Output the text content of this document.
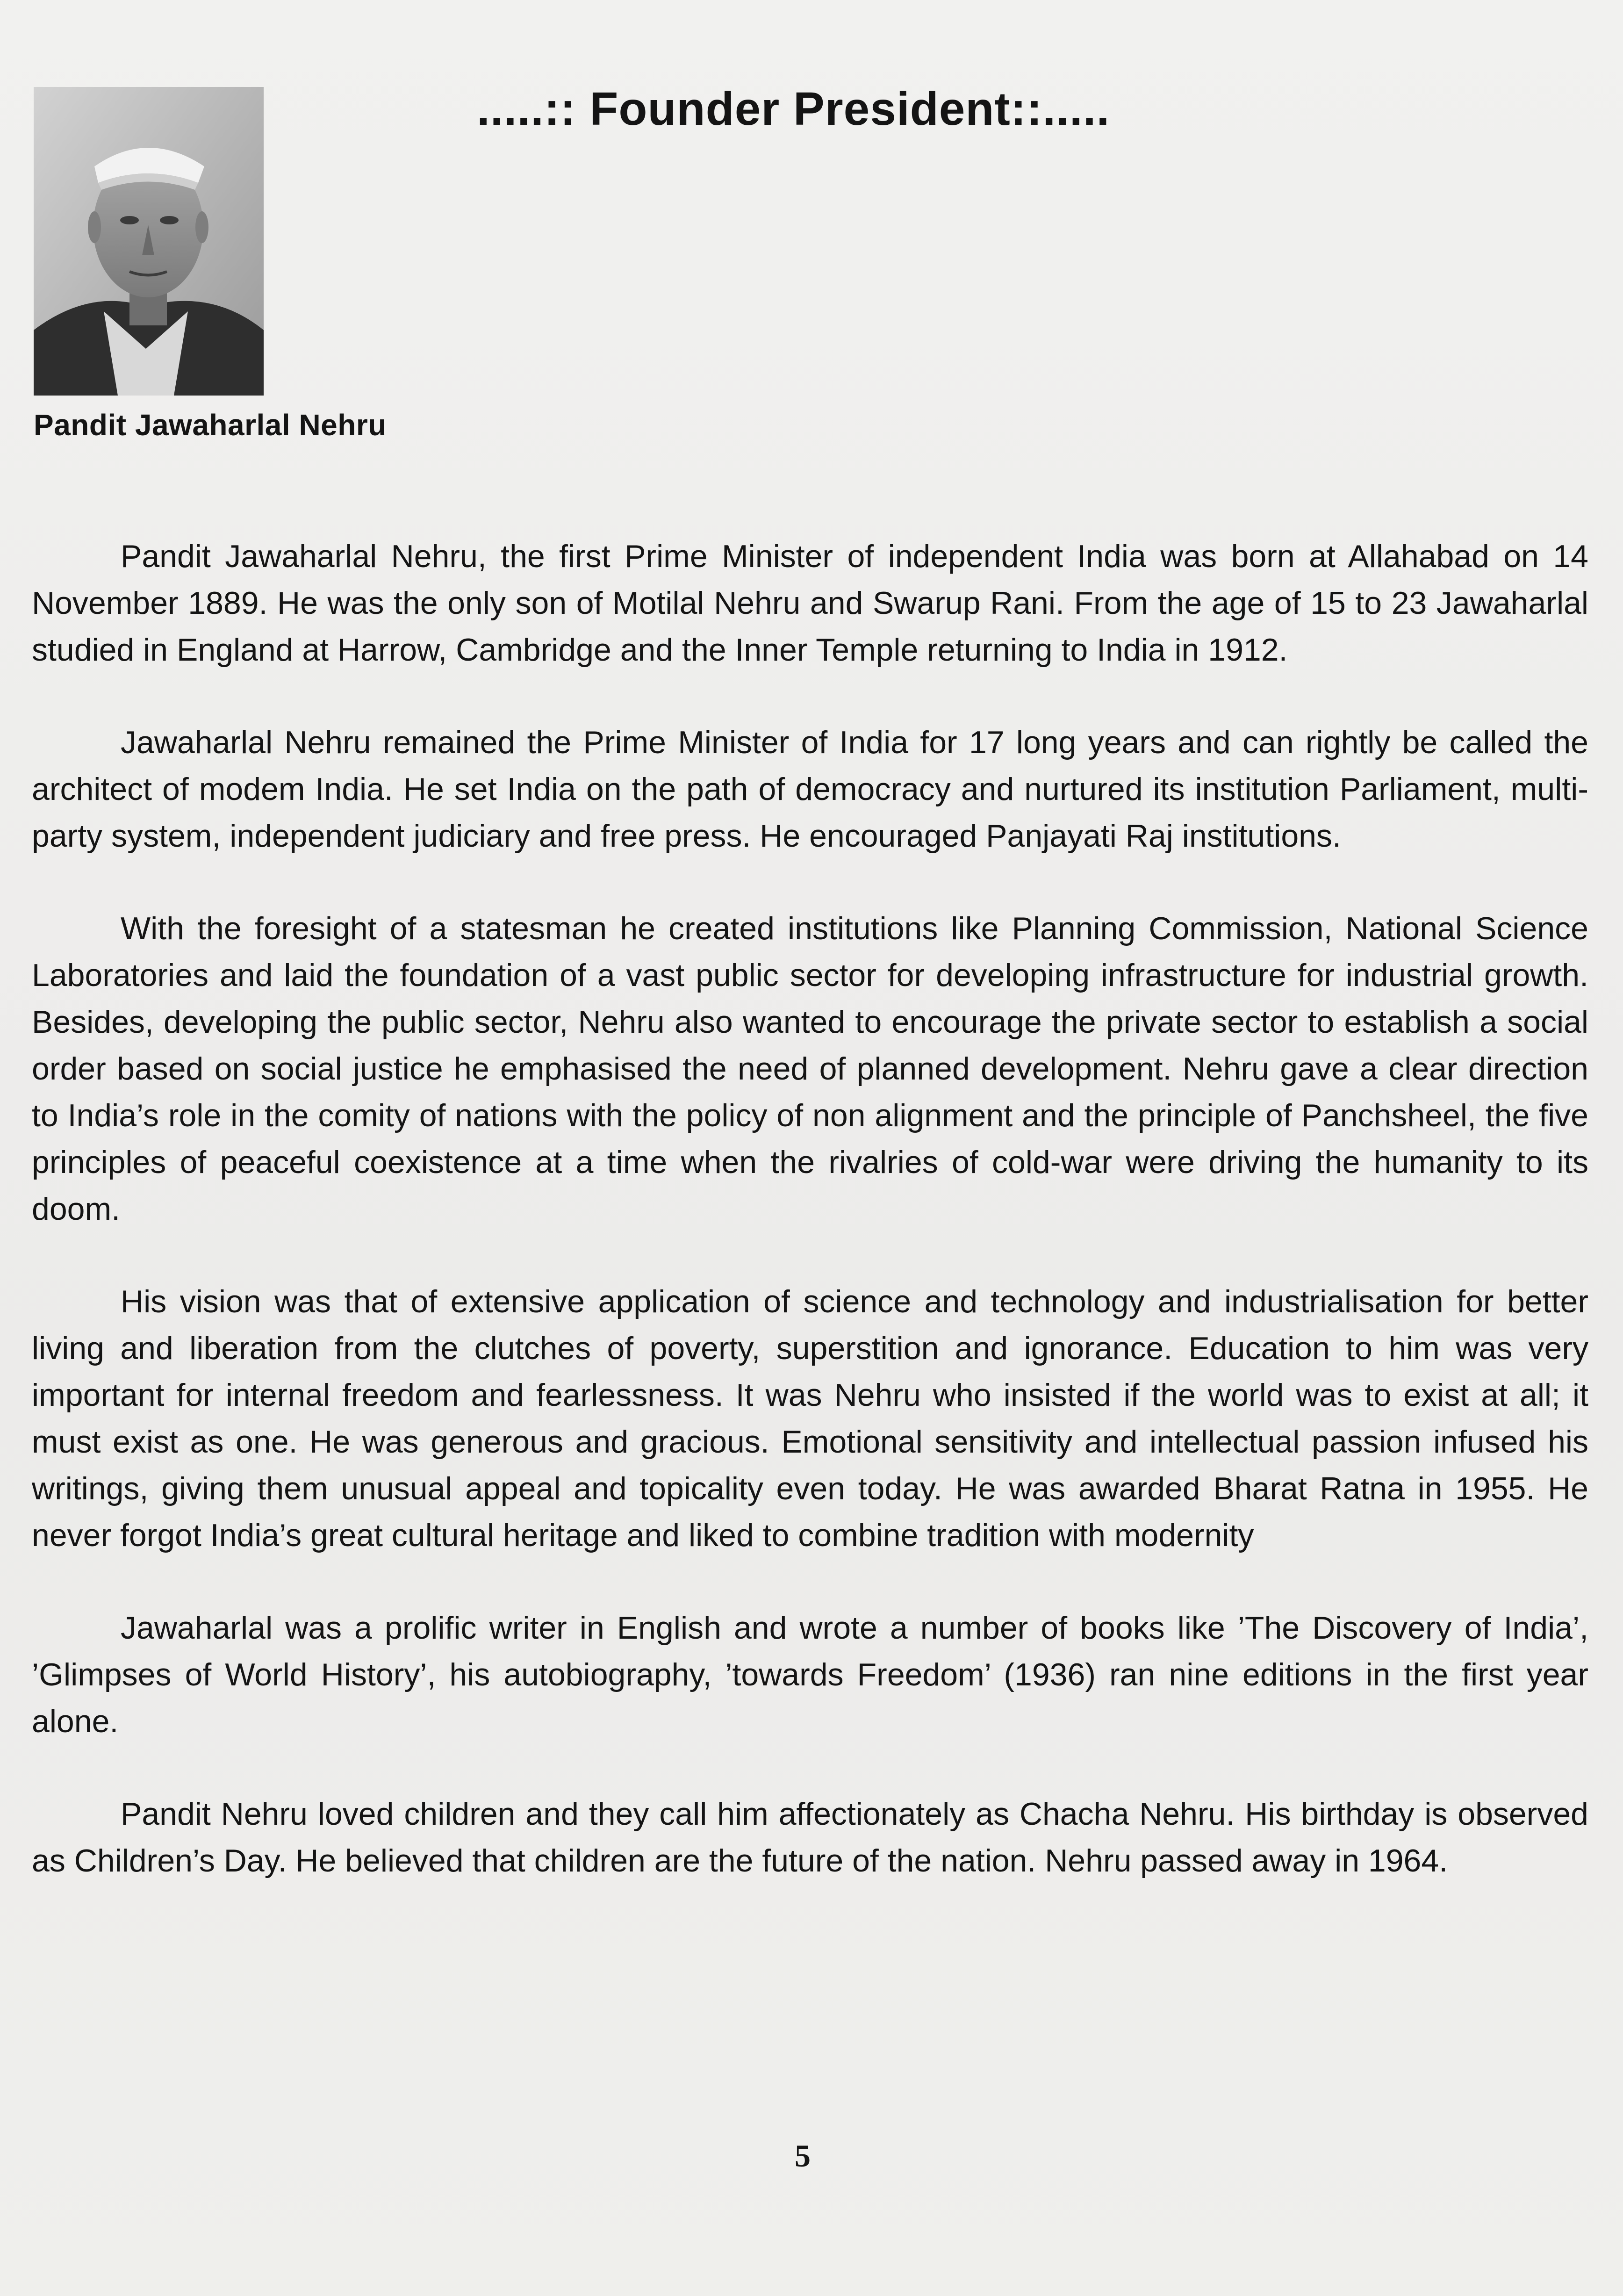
Pandit Jawaharlal Nehru
.....:: Founder President::.....

Pandit Jawaharlal Nehru, the first Prime Minister of independent India was born at Allahabad on 14 November 1889. He was the only son of Motilal Nehru and Swarup Rani. From the age of 15 to 23 Jawaharlal studied in England at Harrow, Cambridge and the Inner Temple returning to India in 1912.

Jawaharlal Nehru remained the Prime Minister of India for 17 long years and can rightly be called the architect of modem India. He set India on the path of democracy and nurtured its institution Parliament, multi-party system, independent judiciary and free press. He encouraged Panjayati Raj institutions.

With the foresight of a statesman he created institutions like Planning Commission, National Science Laboratories and laid the foundation of a vast public sector for developing infrastructure for industrial growth. Besides, developing the public sector, Nehru also wanted to encourage the private sector to establish a social order based on social justice he emphasised the need of planned development. Nehru gave a clear direction to India’s role in the comity of nations with the policy of non alignment and the principle of Panchsheel, the five principles of peaceful coexistence at a time when the rivalries of cold-war were driving the humanity to its doom.

His vision was that of extensive application of science and technology and industrialisation for better living and liberation from the clutches of poverty, superstition and ignorance. Education to him was very important for internal freedom and fearlessness. It was Nehru who insisted if the world was to exist at all; it must exist as one. He was generous and gracious. Emotional sensitivity and intellectual passion infused his writings, giving them unusual appeal and topicality even today. He was awarded Bharat Ratna in 1955. He never forgot India’s great cultural heritage and liked to combine tradition with modernity

Jawaharlal was a prolific writer in English and wrote a number of books like ’The Discovery of India’, ’Glimpses of World History’, his autobiography, ’towards Freedom’ (1936) ran nine editions in the first year alone.

Pandit Nehru loved children and they call him affectionately as Chacha Nehru. His birthday is observed as Children’s Day. He believed that children are the future of the nation. Nehru passed away in 1964.

5
